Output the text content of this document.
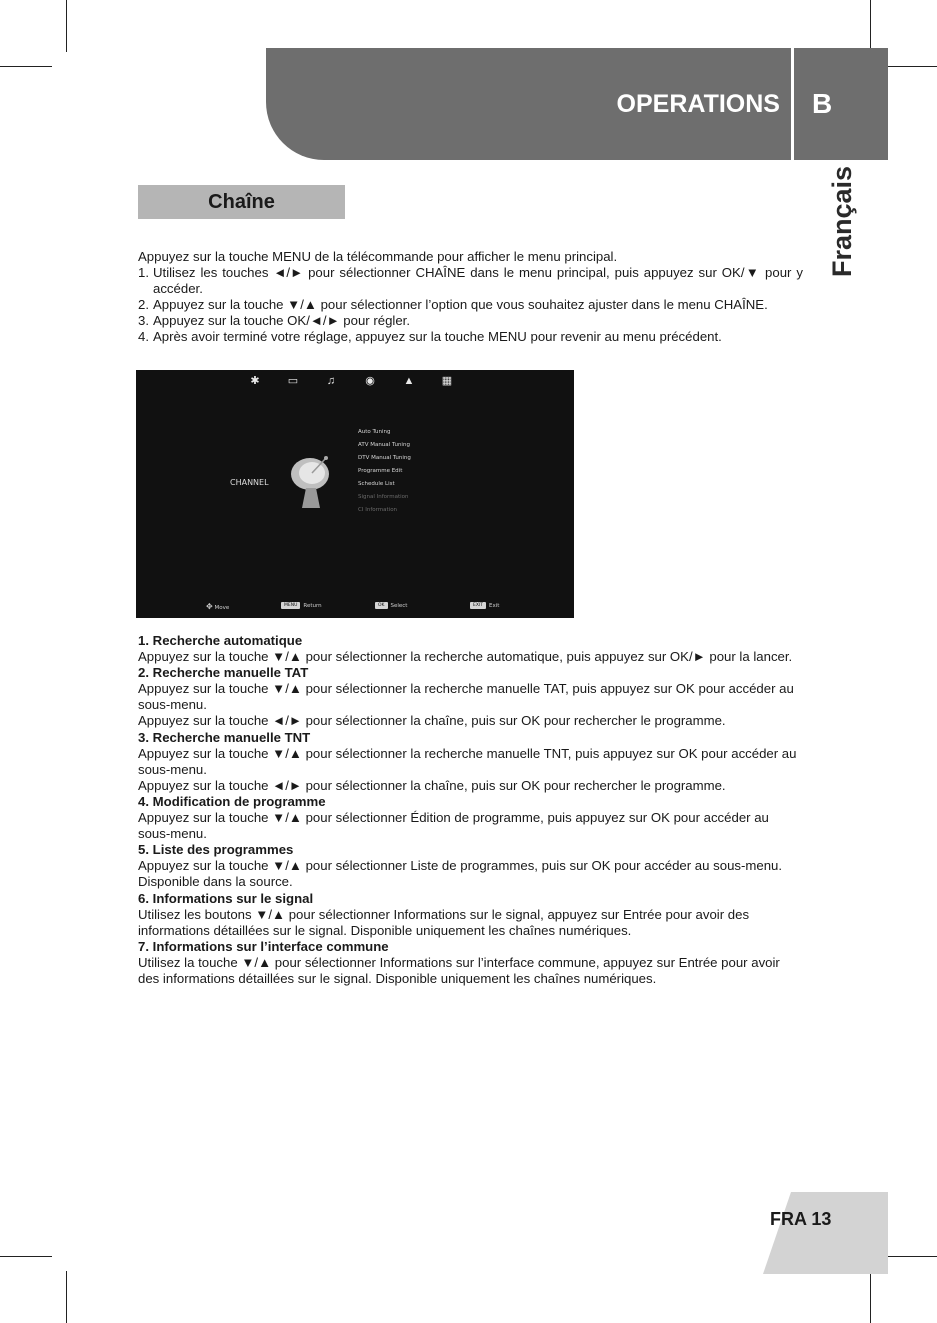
OPERATIONS B
Français
Chaîne

Appuyez sur la touche MENU de la télécommande pour afficher le menu principal.

1. Utilisez les touches ◄/► pour sélectionner CHAÎNE dans le menu principal, puis appuyez sur OK/▼ pour y accéder.
2. Appuyez sur la touche ▼/▲ pour sélectionner l’option que vous souhaitez ajuster dans le menu CHAÎNE.
3. Appuyez sur la touche OK/◄/► pour régler.
4. Après avoir terminé votre réglage, appuyez sur la touche MENU pour revenir au menu précédent.
✱	▭	♫	◉	▲ ▦
CHANNEL
Auto Tuning
ATV Manual Tuning
DTV Manual Tuning
Programme Edit
Schedule List
Signal Information
CI Information
✥ Move	MENU Return	OK Select	EXIT Exit

1. Recherche automatique

Appuyez sur la touche ▼/▲ pour sélectionner la recherche automatique, puis appuyez sur OK/► pour la lancer.

2. Recherche manuelle TAT

Appuyez sur la touche ▼/▲ pour sélectionner la recherche manuelle TAT, puis appuyez sur OK pour accéder au sous-menu.

Appuyez sur la touche ◄/► pour sélectionner la chaîne, puis sur OK pour rechercher le programme.

3. Recherche manuelle TNT

Appuyez sur la touche ▼/▲ pour sélectionner la recherche manuelle TNT, puis appuyez sur OK pour accéder au sous-menu.

Appuyez sur la touche ◄/► pour sélectionner la chaîne, puis sur OK pour rechercher le programme.

4. Modification de programme

Appuyez sur la touche ▼/▲ pour sélectionner Édition de programme, puis appuyez sur OK pour accéder au sous-menu.

5. Liste des programmes

Appuyez sur la touche ▼/▲ pour sélectionner Liste de programmes, puis sur OK pour accéder au sous-menu. Disponible dans la source.

6. Informations sur le signal

Utilisez les boutons ▼/▲ pour sélectionner Informations sur le signal, appuyez sur Entrée pour avoir des informations détaillées sur le signal. Disponible uniquement les chaînes numériques.

7. Informations sur l’interface commune

Utilisez la touche ▼/▲ pour sélectionner Informations sur l’interface commune, appuyez sur Entrée pour avoir des informations détaillées sur le signal. Disponible uniquement les chaînes numériques.

FRA 13
